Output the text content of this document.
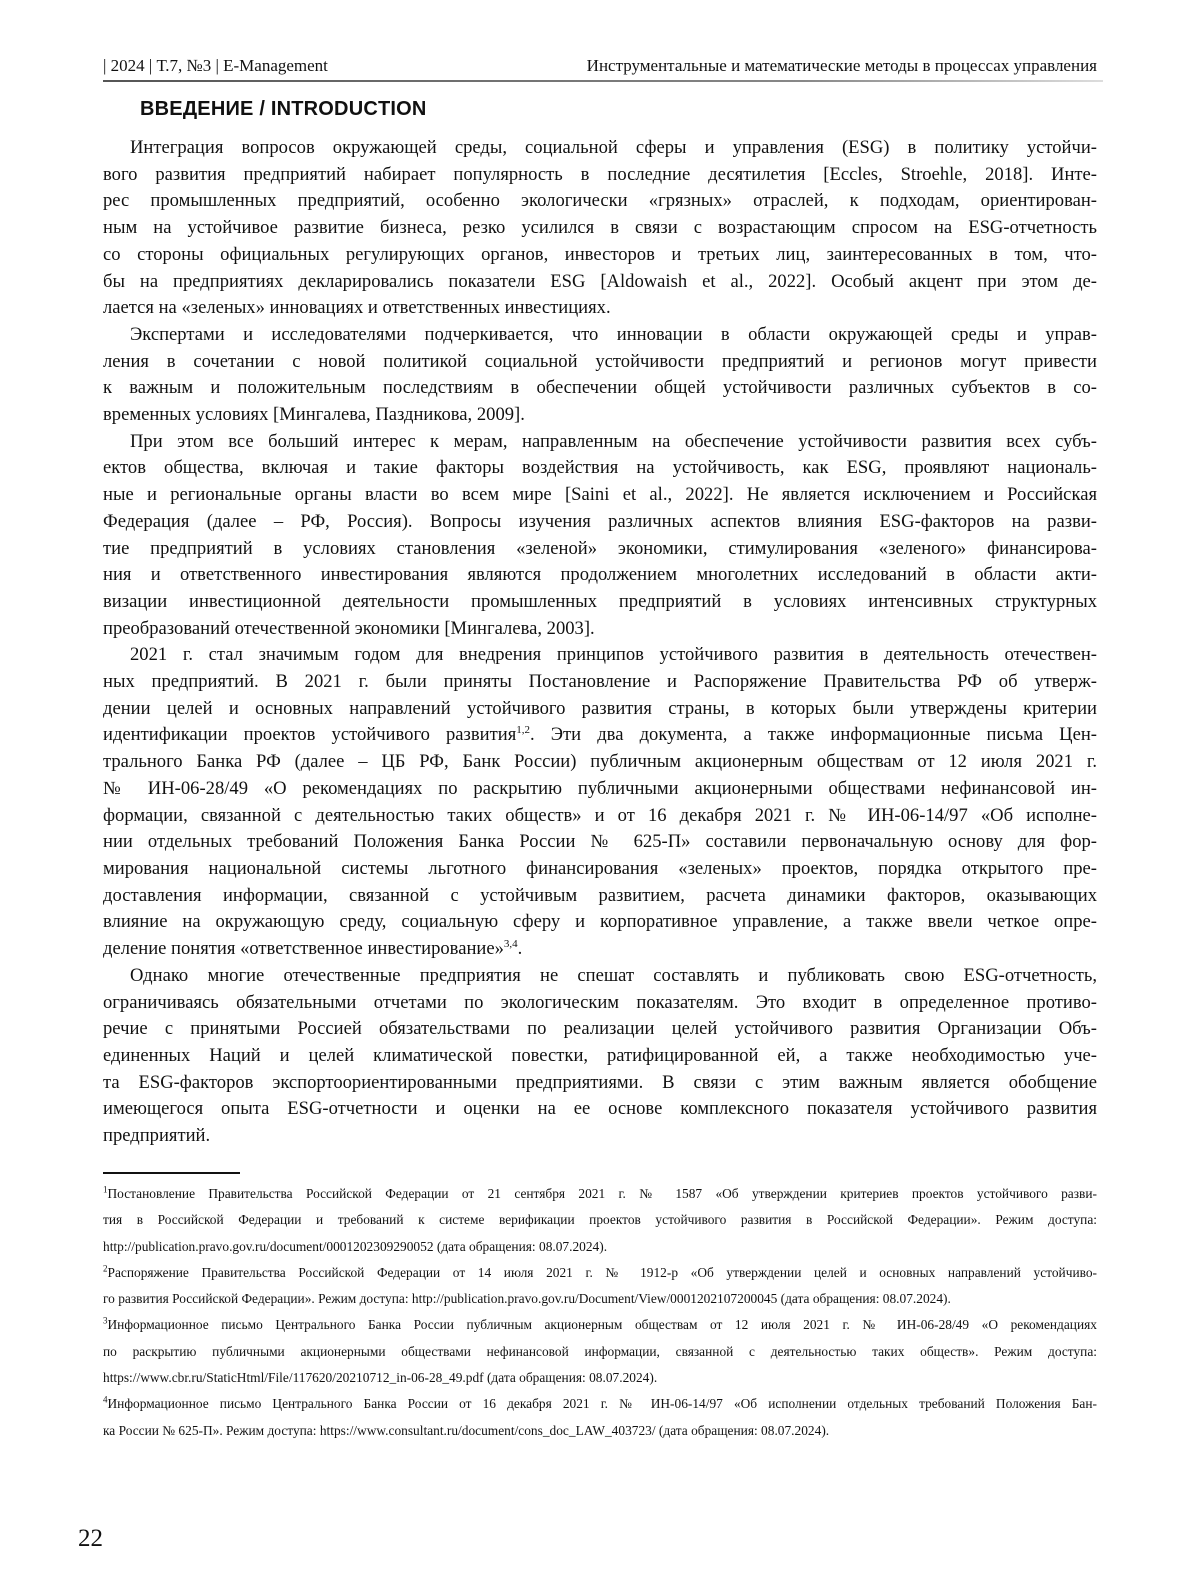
| 2024 | Т.7, №3 | E-Management	Инструментальные и математические методы в процессах управления
ВВЕДЕНИЕ / INTRODUCTION
Интеграция вопросов окружающей среды, социальной сферы и управления (ESG) в политику устойчи-
вого развития предприятий набирает популярность в последние десятилетия [Eccles, Stroehle, 2018]. Инте-
рес промышленных предприятий, особенно экологически «грязных» отраслей, к подходам, ориентирован-
ным на устойчивое развитие бизнеса, резко усилился в связи с возрастающим спросом на ESG-отчетность
со стороны официальных регулирующих органов, инвесторов и третьих лиц, заинтересованных в том, что-
бы на предприятиях декларировались показатели ESG [Aldowaish et al., 2022]. Особый акцент при этом де-
лается на «зеленых» инновациях и ответственных инвестициях.
Экспертами и исследователями подчеркивается, что инновации в области окружающей среды и управ-
ления в сочетании с новой политикой социальной устойчивости предприятий и регионов могут привести
к важным и положительным последствиям в обеспечении общей устойчивости различных субъектов в со-
временных условиях [Мингалева, Паздникова, 2009].
При этом все больший интерес к мерам, направленным на обеспечение устойчивости развития всех субъ-
ектов общества, включая и такие факторы воздействия на устойчивость, как ESG, проявляют националь-
ные и региональные органы власти во всем мире [Saini et al., 2022]. Не является исключением и Российская
Федерация (далее – РФ, Россия). Вопросы изучения различных аспектов влияния ESG-факторов на разви-
тие предприятий в условиях становления «зеленой» экономики, стимулирования «зеленого» финансирова-
ния и ответственного инвестирования являются продолжением многолетних исследований в области акти-
визации инвестиционной деятельности промышленных предприятий в условиях интенсивных структурных
преобразований отечественной экономики [Мингалева, 2003].
2021 г. стал значимым годом для внедрения принципов устойчивого развития в деятельность отечествен-
ных предприятий. В 2021 г. были приняты Постановление и Распоряжение Правительства РФ об утверж-
дении целей и основных направлений устойчивого развития страны, в которых были утверждены критерии
идентификации проектов устойчивого развития1,2. Эти два документа, а также информационные письма Цен-
трального Банка РФ (далее – ЦБ РФ, Банк России) публичным акционерным обществам от 12 июля 2021 г.
№ ИН-06-28/49 «О рекомендациях по раскрытию публичными акционерными обществами нефинансовой ин-
формации, связанной с деятельностью таких обществ» и от 16 декабря 2021 г. № ИН-06-14/97 «Об исполне-
нии отдельных требований Положения Банка России № 625-П» составили первоначальную основу для фор-
мирования национальной системы льготного финансирования «зеленых» проектов, порядка открытого пре-
доставления информации, связанной с устойчивым развитием, расчета динамики факторов, оказывающих
влияние на окружающую среду, социальную сферу и корпоративное управление, а также ввели четкое опре-
деление понятия «ответственное инвестирование»3,4.
Однако многие отечественные предприятия не спешат составлять и публиковать свою ESG-отчетность,
ограничиваясь обязательными отчетами по экологическим показателям. Это входит в определенное противо-
речие с принятыми Россией обязательствами по реализации целей устойчивого развития Организации Объ-
единенных Наций и целей климатической повестки, ратифицированной ей, а также необходимостью уче-
та ESG-факторов экспортоориентированными предприятиями. В связи с этим важным является обобщение
имеющегося опыта ESG-отчетности и оценки на ее основе комплексного показателя устойчивого развития
предприятий.
1Постановление Правительства Российской Федерации от 21 сентября 2021 г. № 1587 «Об утверждении критериев проектов устойчивого разви-
тия в Российской Федерации и требований к системе верификации проектов устойчивого развития в Российской Федерации». Режим доступа:
http://publication.pravo.gov.ru/document/0001202309290052 (дата обращения: 08.07.2024).
2Распоряжение Правительства Российской Федерации от 14 июля 2021 г. № 1912-р «Об утверждении целей и основных направлений устойчиво-
го развития Российской Федерации». Режим доступа: http://publication.pravo.gov.ru/Document/View/0001202107200045 (дата обращения: 08.07.2024).
3Информационное письмо Центрального Банка России публичным акционерным обществам от 12 июля 2021 г. № ИН-06-28/49 «О рекомендациях
по раскрытию публичными акционерными обществами нефинансовой информации, связанной с деятельностью таких обществ». Режим доступа:
https://www.cbr.ru/StaticHtml/File/117620/20210712_in-06-28_49.pdf (дата обращения: 08.07.2024).
4Информационное письмо Центрального Банка России от 16 декабря 2021 г. № ИН-06-14/97 «Об исполнении отдельных требований Положения Бан-
ка России № 625-П». Режим доступа: https://www.consultant.ru/document/cons_doc_LAW_403723/ (дата обращения: 08.07.2024).
22
